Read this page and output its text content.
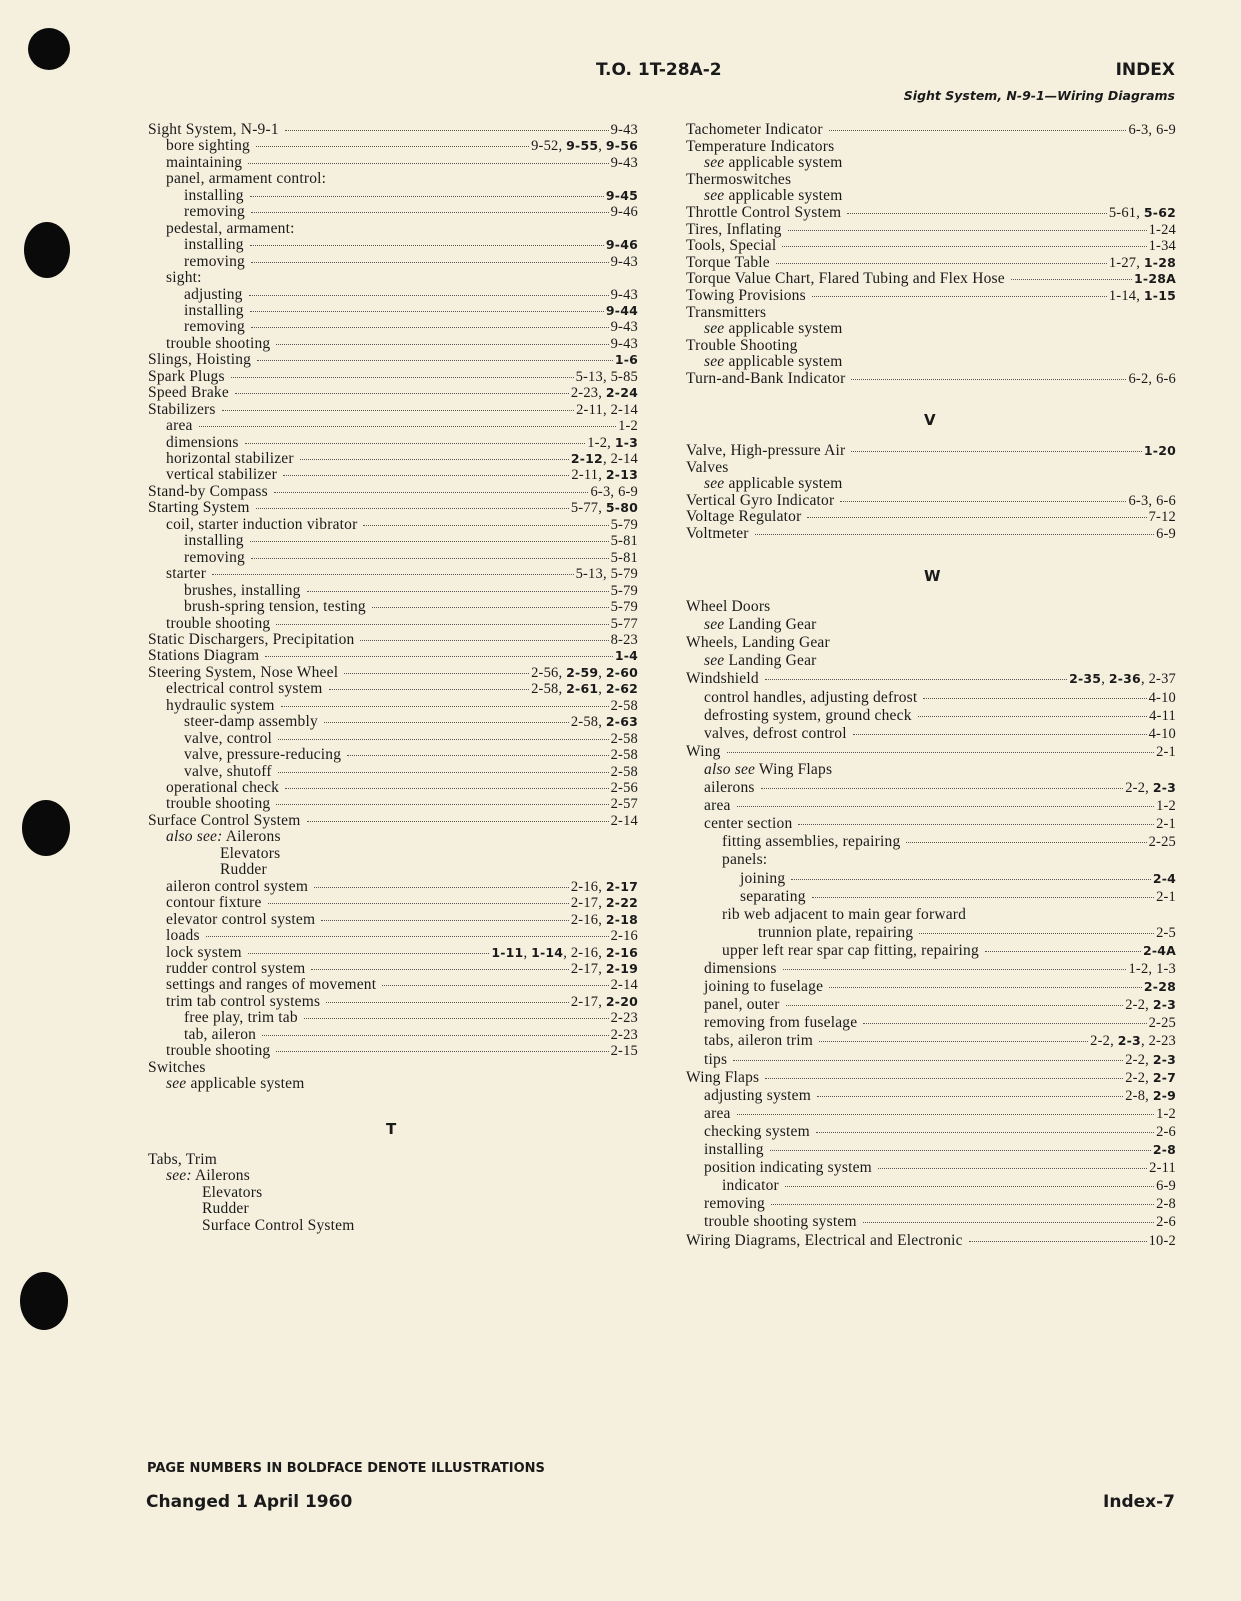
T.O. 1T-28A-2	INDEX
Sight System, N-9-1—Wiring Diagrams
Sight System, N-9-1	9-43
bore sighting	9-52, 9-55, 9-56
maintaining	9-43
panel, armament control:
installing	9-45
removing	9-46
pedestal, armament:
installing	9-46
removing	9-43
sight:
adjusting	9-43
installing	9-44
removing	9-43
trouble shooting	9-43
Slings, Hoisting	1-6
Spark Plugs	5-13, 5-85
Speed Brake	2-23, 2-24
Stabilizers	2-11, 2-14
area	1-2
dimensions	1-2, 1-3
horizontal stabilizer	2-12, 2-14
vertical stabilizer	2-11, 2-13
Stand-by Compass	6-3, 6-9
Starting System	5-77, 5-80
coil, starter induction vibrator	5-79
installing	5-81
removing	5-81
starter	5-13, 5-79
brushes, installing	5-79
brush-spring tension, testing	5-79
trouble shooting	5-77
Static Dischargers, Precipitation	8-23
Stations Diagram	1-4
Steering System, Nose Wheel	2-56, 2-59, 2-60
electrical control system	2-58, 2-61, 2-62
hydraulic system	2-58
steer-damp assembly	2-58, 2-63
valve, control	2-58
valve, pressure-reducing	2-58
valve, shutoff	2-58
operational check	2-56
trouble shooting	2-57
Surface Control System	2-14
also see: Ailerons
Elevators
Rudder
aileron control system	2-16, 2-17
contour fixture	2-17, 2-22
elevator control system	2-16, 2-18
loads	2-16
lock system	1-11, 1-14, 2-16, 2-16
rudder control system	2-17, 2-19
settings and ranges of movement	2-14
trim tab control systems	2-17, 2-20
free play, trim tab	2-23
tab, aileron	2-23
trouble shooting	2-15
Switches
see applicable system
T
Tabs, Trim
see: Ailerons
Elevators
Rudder
Surface Control System
Tachometer Indicator	6-3, 6-9
Temperature Indicators
see applicable system
Thermoswitches
see applicable system
Throttle Control System	5-61, 5-62
Tires, Inflating	1-24
Tools, Special	1-34
Torque Table	1-27, 1-28
Torque Value Chart, Flared Tubing and Flex Hose	1-28A
Towing Provisions	1-14, 1-15
Transmitters
see applicable system
Trouble Shooting
see applicable system
Turn-and-Bank Indicator	6-2, 6-6
V
Valve, High-pressure Air	1-20
Valves
see applicable system
Vertical Gyro Indicator	6-3, 6-6
Voltage Regulator	7-12
Voltmeter	6-9
W
Wheel Doors
see Landing Gear
Wheels, Landing Gear
see Landing Gear
Windshield	2-35, 2-36, 2-37
control handles, adjusting defrost	4-10
defrosting system, ground check	4-11
valves, defrost control	4-10
Wing	2-1
also see Wing Flaps
ailerons	2-2, 2-3
area	1-2
center section	2-1
fitting assemblies, repairing	2-25
panels:
joining	2-4
separating	2-1
rib web adjacent to main gear forward
trunnion plate, repairing	2-5
upper left rear spar cap fitting, repairing	2-4A
dimensions	1-2, 1-3
joining to fuselage	2-28
panel, outer	2-2, 2-3
removing from fuselage	2-25
tabs, aileron trim	2-2, 2-3, 2-23
tips	2-2, 2-3
Wing Flaps	2-2, 2-7
adjusting system	2-8, 2-9
area	1-2
checking system	2-6
installing	2-8
position indicating system	2-11
indicator	6-9
removing	2-8
trouble shooting system	2-6
Wiring Diagrams, Electrical and Electronic	10-2
PAGE NUMBERS IN BOLDFACE DENOTE ILLUSTRATIONS
Changed 1 April 1960	Index-7
